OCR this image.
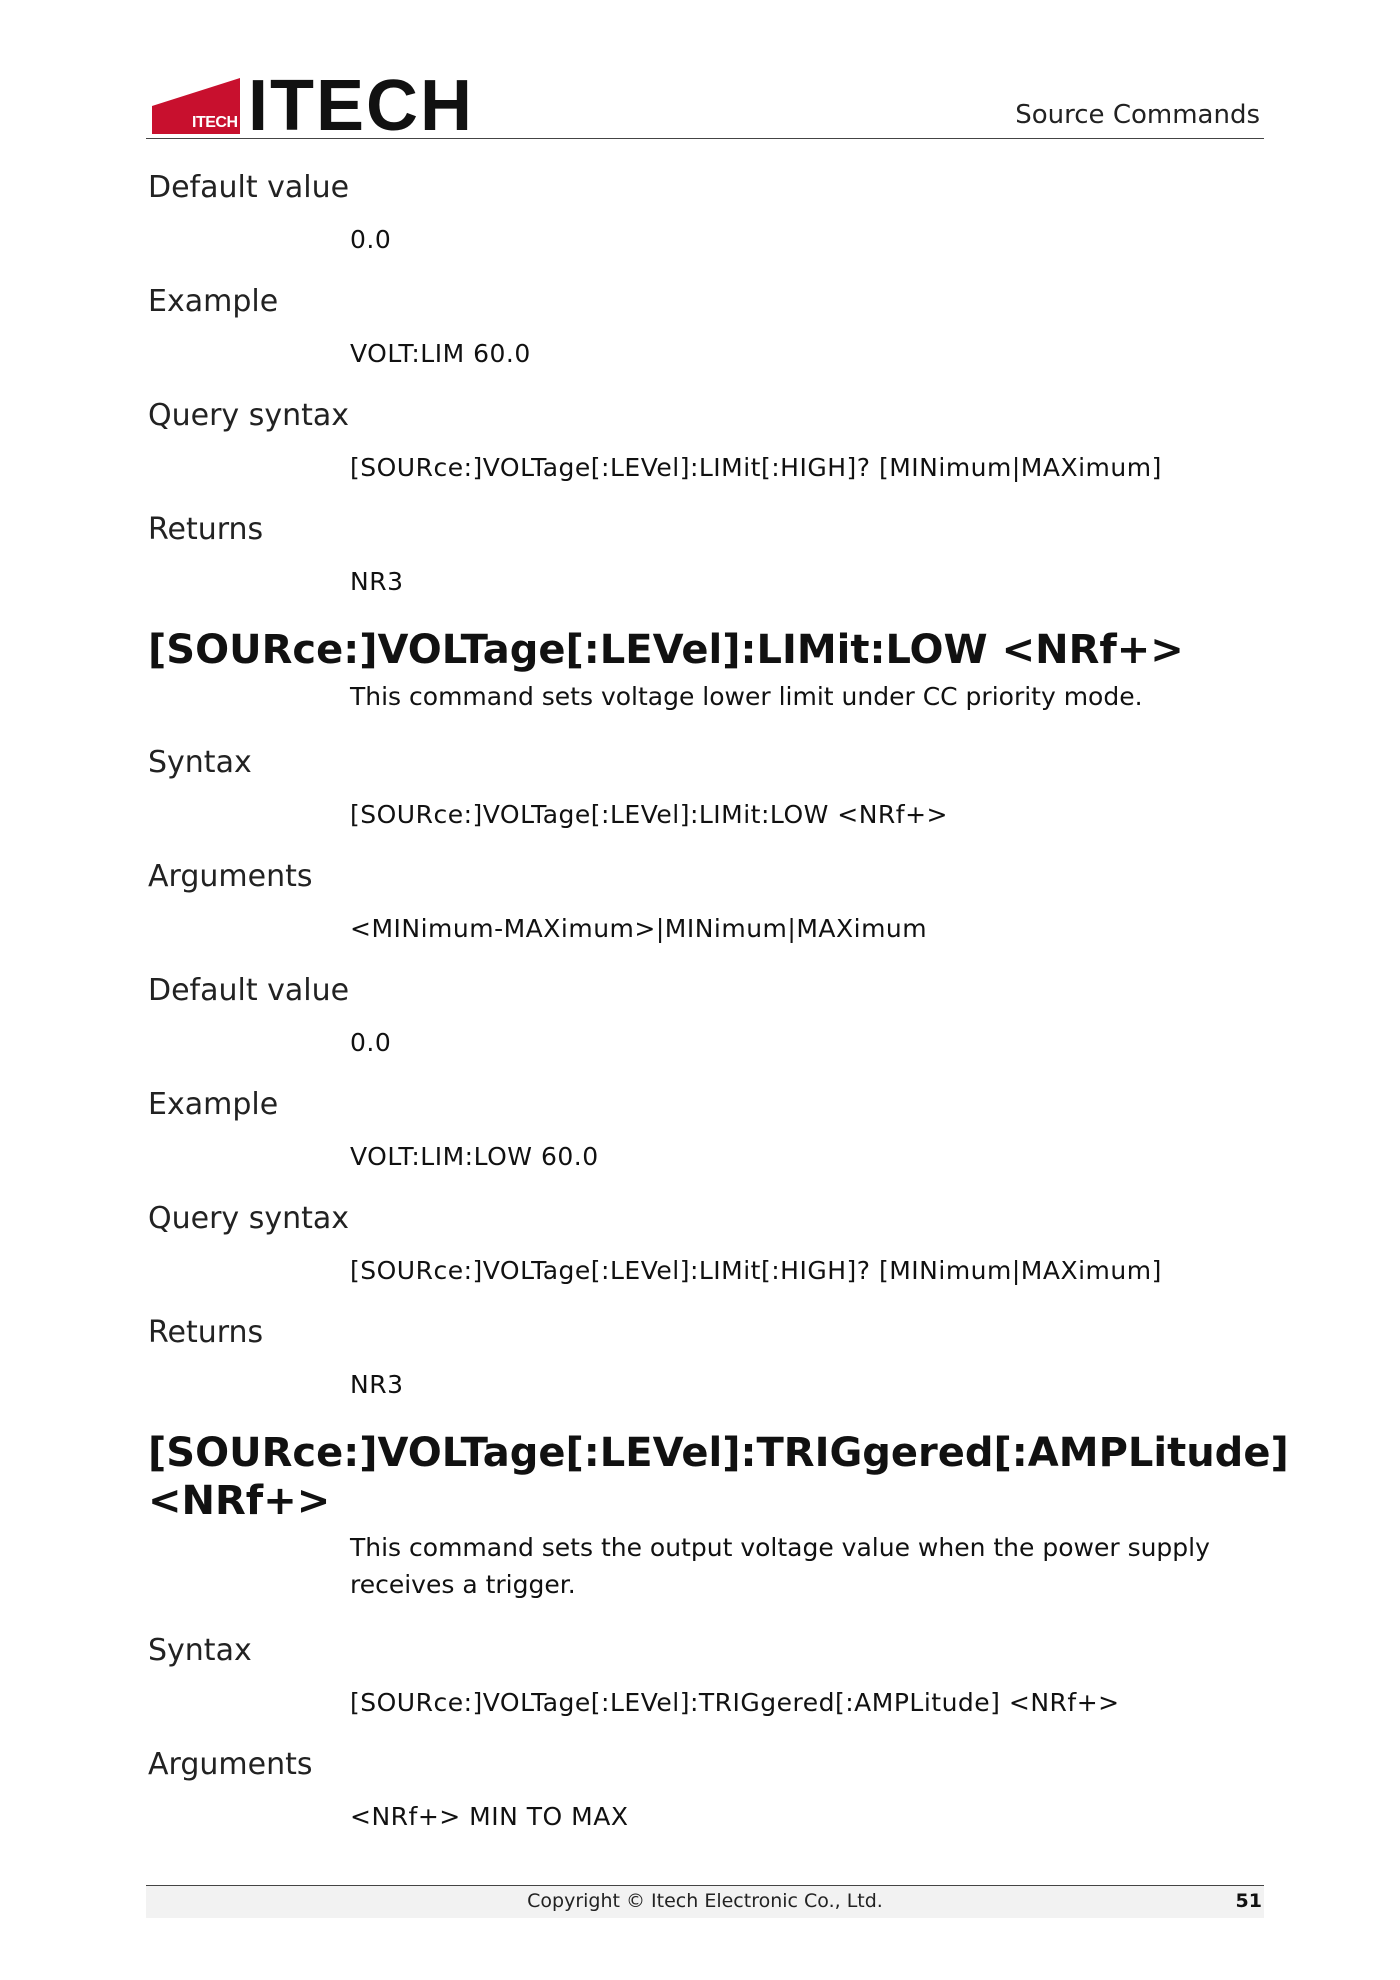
ITECH ITECH	Source Commands
Default value
0.0
Example
VOLT:LIM 60.0
Query syntax
[SOURce:]VOLTage[:LEVel]:LIMit[:HIGH]? [MINimum|MAXimum]
Returns
NR3
[SOURce:]VOLTage[:LEVel]:LIMit:LOW <NRf+>
This command sets voltage lower limit under CC priority mode.
Syntax
[SOURce:]VOLTage[:LEVel]:LIMit:LOW <NRf+>
Arguments
<MINimum-MAXimum>|MINimum|MAXimum
Default value
0.0
Example
VOLT:LIM:LOW 60.0
Query syntax
[SOURce:]VOLTage[:LEVel]:LIMit[:HIGH]? [MINimum|MAXimum]
Returns
NR3
[SOURce:]VOLTage[:LEVel]:TRIGgered[:AMPLitude] <NRf+>
This command sets the output voltage value when the power supply receives a trigger.
Syntax
[SOURce:]VOLTage[:LEVel]:TRIGgered[:AMPLitude] <NRf+>
Arguments
<NRf+> MIN TO MAX
Copyright © Itech Electronic Co., Ltd.	51
